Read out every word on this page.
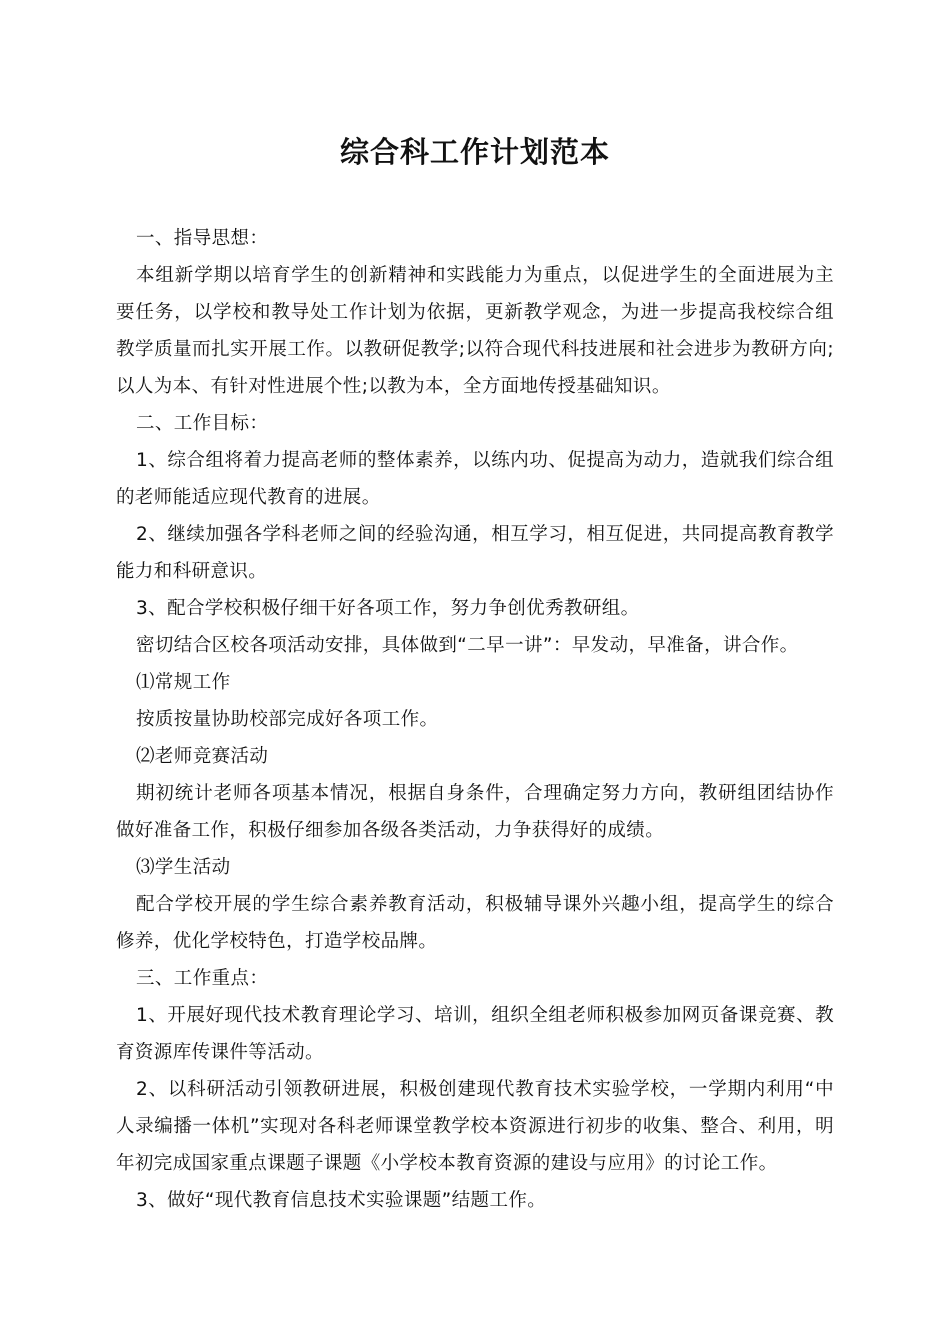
综合科工作计划范本

一、指导思想：

本组新学期以培育学生的创新精神和实践能力为重点，以促进学生的全面进展为主要任务，以学校和教导处工作计划为依据，更新教学观念，为进一步提高我校综合组教学质量而扎实开展工作。以教研促教学;以符合现代科技进展和社会进步为教研方向;以人为本、有针对性进展个性;以教为本，全方面地传授基础知识。

二、工作目标：

1、综合组将着力提高老师的整体素养，以练内功、促提高为动力，造就我们综合组的老师能适应现代教育的进展。

2、继续加强各学科老师之间的经验沟通，相互学习，相互促进，共同提高教育教学能力和科研意识。

3、配合学校积极仔细干好各项工作，努力争创优秀教研组。

密切结合区校各项活动安排，具体做到“二早一讲”：早发动，早准备，讲合作。

⑴常规工作

按质按量协助校部完成好各项工作。

⑵老师竞赛活动

期初统计老师各项基本情况，根据自身条件，合理确定努力方向，教研组团结协作做好准备工作，积极仔细参加各级各类活动，力争获得好的成绩。

⑶学生活动

配合学校开展的学生综合素养教育活动，积极辅导课外兴趣小组，提高学生的综合修养，优化学校特色，打造学校品牌。

三、工作重点：

1、开展好现代技术教育理论学习、培训，组织全组老师积极参加网页备课竞赛、教育资源库传课件等活动。

2、以科研活动引领教研进展，积极创建现代教育技术实验学校，一学期内利用“中人录编播一体机”实现对各科老师课堂教学校本资源进行初步的收集、整合、利用，明年初完成国家重点课题子课题《小学校本教育资源的建设与应用》的讨论工作。

3、做好“现代教育信息技术实验课题”结题工作。
